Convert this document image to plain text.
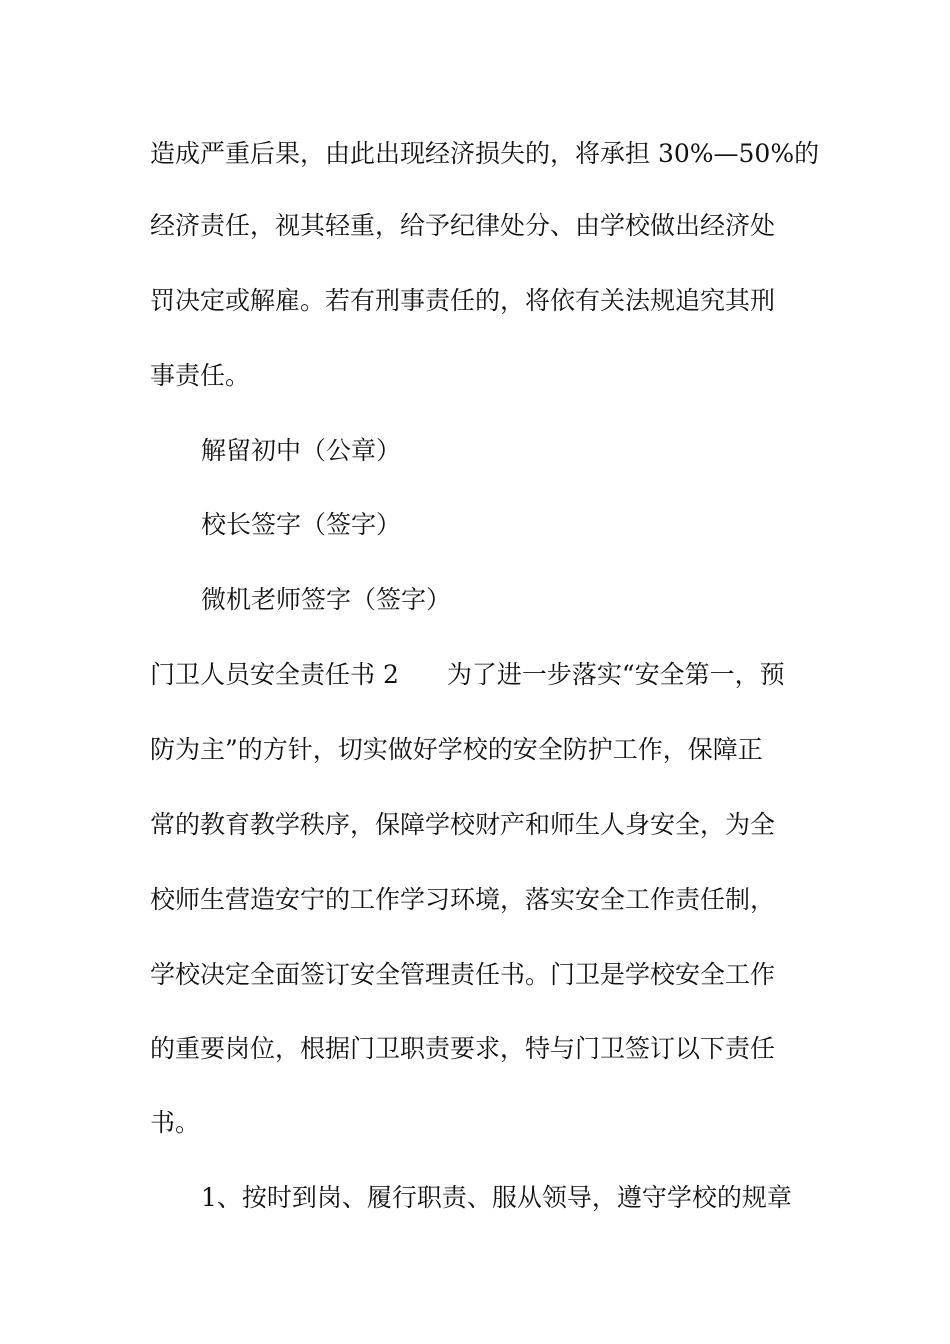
造成严重后果，由此出现经济损失的，将承担 30%—50%的
经济责任，视其轻重，给予纪律处分、由学校做出经济处
罚决定或解雇。若有刑事责任的，将依有关法规追究其刑
事责任。
解留初中（公章）
校长签字（签字）
微机老师签字（签字）
门卫人员安全责任书 2 为了进一步落实“安全第一，预
防为主”的方针，切实做好学校的安全防护工作，保障正
常的教育教学秩序，保障学校财产和师生人身安全，为全
校师生营造安宁的工作学习环境，落实安全工作责任制，
学校决定全面签订安全管理责任书。门卫是学校安全工作
的重要岗位，根据门卫职责要求，特与门卫签订以下责任
书。
1、按时到岗、履行职责、服从领导，遵守学校的规章
